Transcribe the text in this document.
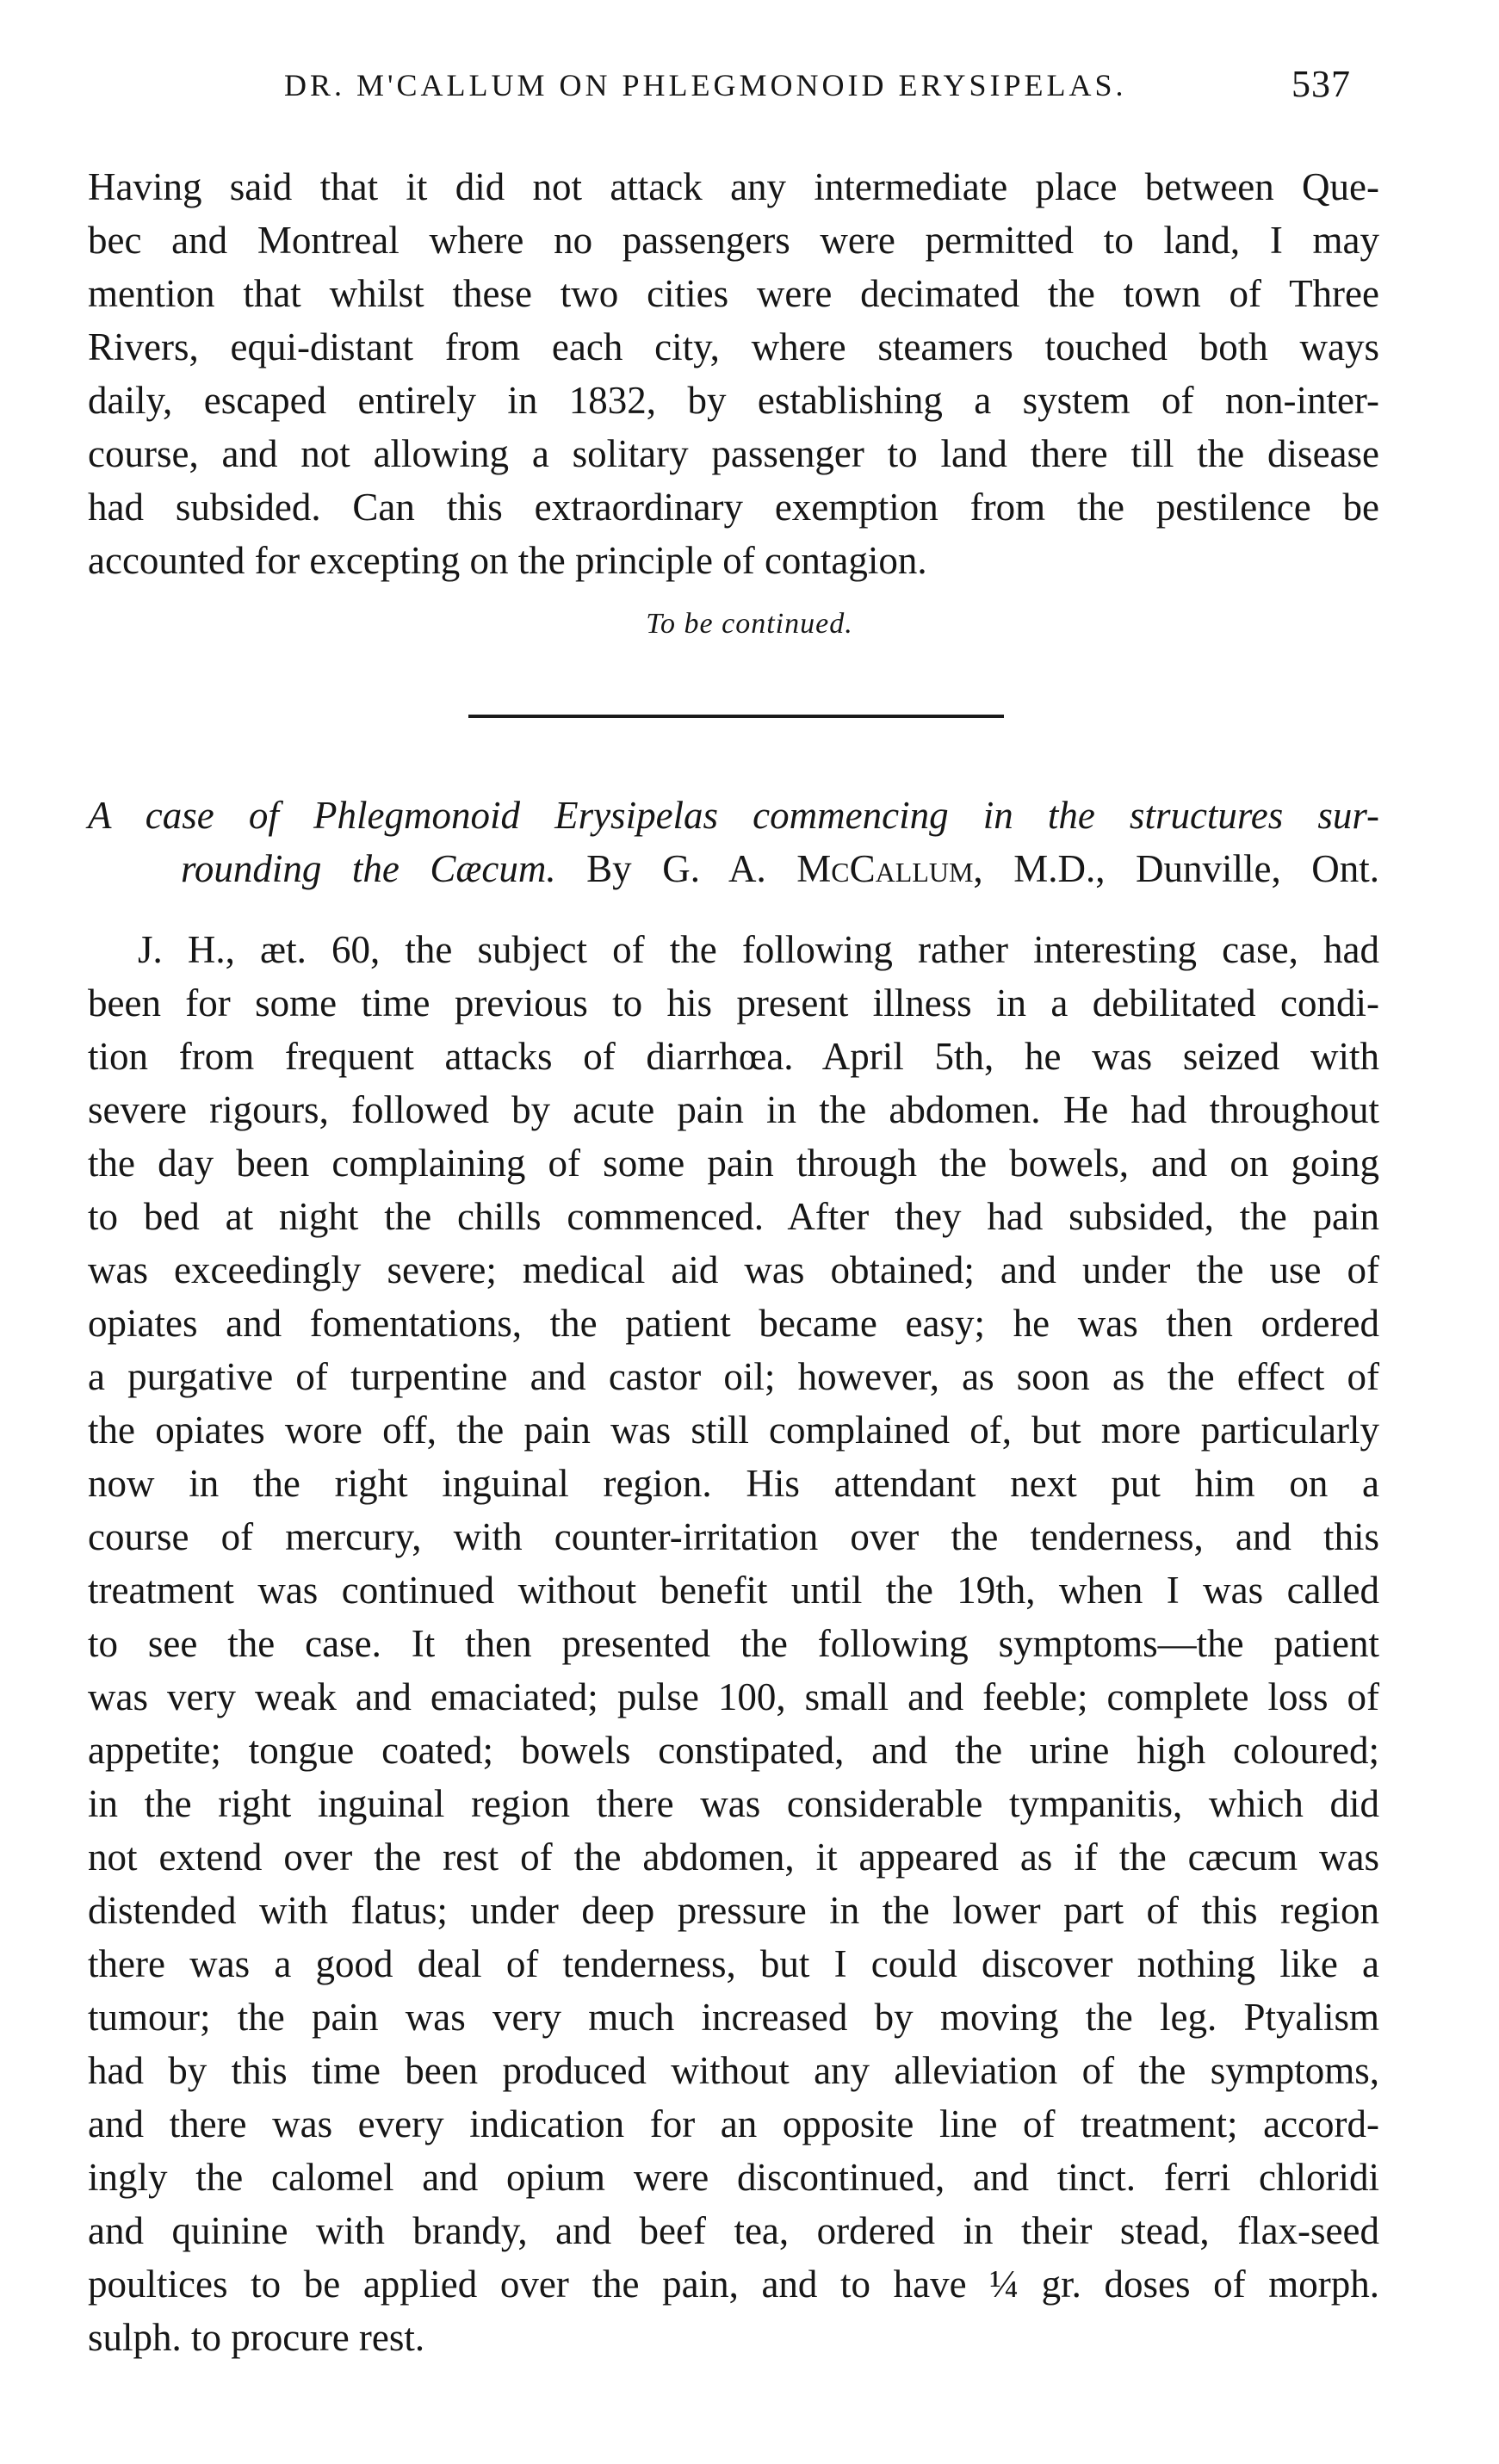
DR. M'CALLUM ON PHLEGMONOID ERYSIPELAS.	537
Having said that it did not attack any intermediate place between Que-
bec and Montreal where no passengers were permitted to land, I may
mention that whilst these two cities were decimated the town of Three
Rivers, equi-distant from each city, where steamers touched both ways
daily, escaped entirely in 1832, by establishing a system of non-inter-
course, and not allowing a solitary passenger to land there till the disease
had subsided. Can this extraordinary exemption from the pestilence be
accounted for excepting on the principle of contagion.
To be continued.
A case of Phlegmonoid Erysipelas commencing in the structures sur-
rounding the Cæcum. By G. A. McCallum, M.D., Dunville, Ont.
J. H., æt. 60, the subject of the following rather interesting case, had
been for some time previous to his present illness in a debilitated condi-
tion from frequent attacks of diarrhœa. April 5th, he was seized with
severe rigours, followed by acute pain in the abdomen. He had throughout
the day been complaining of some pain through the bowels, and on going
to bed at night the chills commenced. After they had subsided, the pain
was exceedingly severe; medical aid was obtained; and under the use of
opiates and fomentations, the patient became easy; he was then ordered
a purgative of turpentine and castor oil; however, as soon as the effect of
the opiates wore off, the pain was still complained of, but more particularly
now in the right inguinal region. His attendant next put him on a
course of mercury, with counter-irritation over the tenderness, and this
treatment was continued without benefit until the 19th, when I was called
to see the case. It then presented the following symptoms—the patient
was very weak and emaciated; pulse 100, small and feeble; complete loss of
appetite; tongue coated; bowels constipated, and the urine high coloured;
in the right inguinal region there was considerable tympanitis, which did
not extend over the rest of the abdomen, it appeared as if the cæcum was
distended with flatus; under deep pressure in the lower part of this region
there was a good deal of tenderness, but I could discover nothing like a
tumour; the pain was very much increased by moving the leg. Ptyalism
had by this time been produced without any alleviation of the symptoms,
and there was every indication for an opposite line of treatment; accord-
ingly the calomel and opium were discontinued, and tinct. ferri chloridi
and quinine with brandy, and beef tea, ordered in their stead, flax-seed
poultices to be applied over the pain, and to have ¼ gr. doses of morph.
sulph. to procure rest.
